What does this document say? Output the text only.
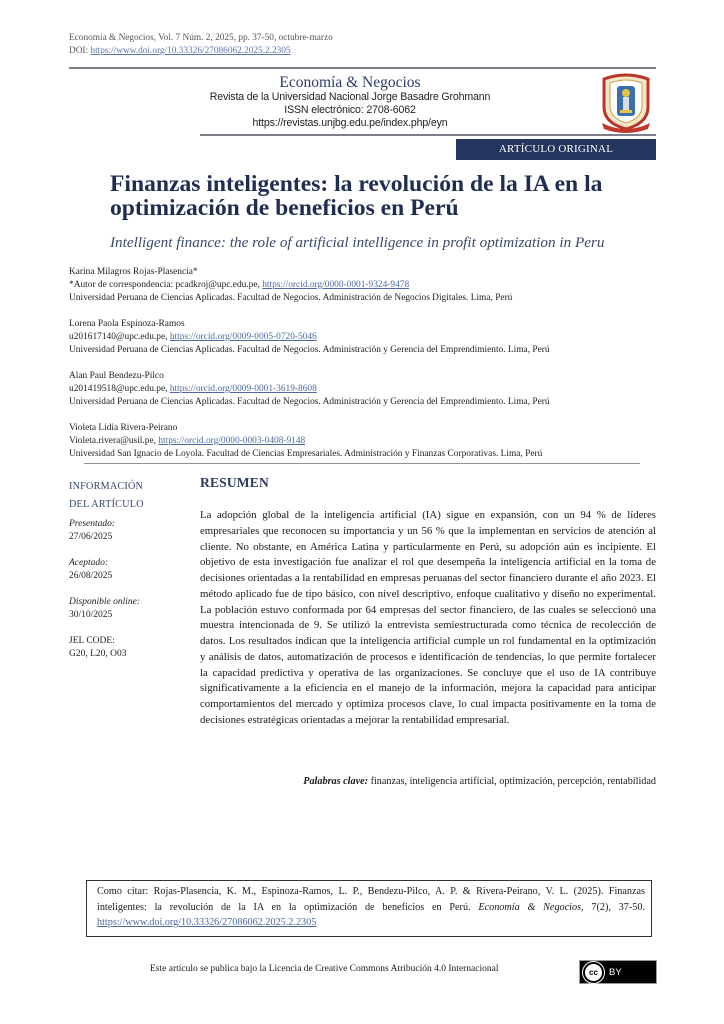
Economía & Negocios, Vol. 7 Núm. 2, 2025, pp. 37-50, octubre-marzo
DOI: https://www.doi.org/10.33326/27086062.2025.2.2305
Economía & Negocios
Revista de la Universidad Nacional Jorge Basadre Grohmann
ISSN electrónico: 2708-6062
https://revistas.unjbg.edu.pe/index.php/eyn
ARTÍCULO ORIGINAL
Finanzas inteligentes: la revolución de la IA en la optimización de beneficios en Perú

Intelligent finance: the role of artificial intelligence in profit optimization in Peru

Karina Milagros Rojas-Plasencia*
*Autor de correspondencia: pcadkroj@upc.edu.pe, https://orcid.org/0000-0001-9324-9478
Universidad Peruana de Ciencias Aplicadas. Facultad de Negocios. Administración de Negocios Digitales. Lima, Perú
Lorena Paola Espinoza-Ramos
u201617140@upc.edu.pe, https://orcid.org/0009-0005-0720-5046
Universidad Peruana de Ciencias Aplicadas. Facultad de Negocios. Administración y Gerencia del Emprendimiento. Lima, Perú
Alan Paul Bendezu-Pilco
u201419518@upc.edu.pe, https://orcid.org/0009-0001-3619-8608
Universidad Peruana de Ciencias Aplicadas. Facultad de Negocios. Administración y Gerencia del Emprendimiento. Lima, Perú
Violeta Lidia Rivera-Peirano
Violeta.rivera@usil.pe, https://orcid.org/0000-0003-0408-9148
Universidad San Ignacio de Loyola. Facultad de Ciencias Empresariales. Administración y Finanzas Corporativas. Lima, Perú
INFORMACIÓN
DEL ARTÍCULO
Presentado:
27/06/2025
Aceptado:
26/08/2025
Disponible online:
30/10/2025
JEL CODE:
G20, L20, O03
RESUMEN

La adopción global de la inteligencia artificial (IA) sigue en expansión, con un 94 % de líderes empresariales que reconocen su importancia y un 56 % que la implementan en servicios de atención al cliente. No obstante, en América Latina y particularmente en Perú, su adopción aún es incipiente. El objetivo de esta investigación fue analizar el rol que desempeña la inteligencia artificial en la toma de decisiones orientadas a la rentabilidad en empresas peruanas del sector financiero durante el año 2023. El método aplicado fue de tipo básico, con nivel descriptivo, enfoque cualitativo y diseño no experimental. La población estuvo conformada por 64 empresas del sector financiero, de las cuales se seleccionó una muestra intencionada de 9. Se utilizó la entrevista semiestructurada como técnica de recolección de datos. Los resultados indican que la inteligencia artificial cumple un rol fundamental en la optimización y análisis de datos, automatización de procesos e identificación de tendencias, lo que permite fortalecer la capacidad predictiva y operativa de las organizaciones. Se concluye que el uso de IA contribuye significativamente a la eficiencia en el manejo de la información, mejora la capacidad para anticipar comportamientos del mercado y optimiza procesos clave, lo cual impacta positivamente en la toma de decisiones estratégicas orientadas a mejorar la rentabilidad empresarial.

Palabras clave: finanzas, inteligencia artificial, optimización, percepción, rentabilidad
Como citar: Rojas-Plasencia, K. M., Espinoza-Ramos, L. P., Bendezu-Pilco, A. P. & Rivera-Peirano, V. L. (2025). Finanzas inteligentes: la revolución de la IA en la optimización de beneficios en Perú. Economía & Negocios, 7(2), 37-50. https://www.doi.org/10.33326/27086062.2025.2.2305
Este artículo se publica bajo la Licencia de Creative Commons Atribución 4.0 Internacional	cc	BY
